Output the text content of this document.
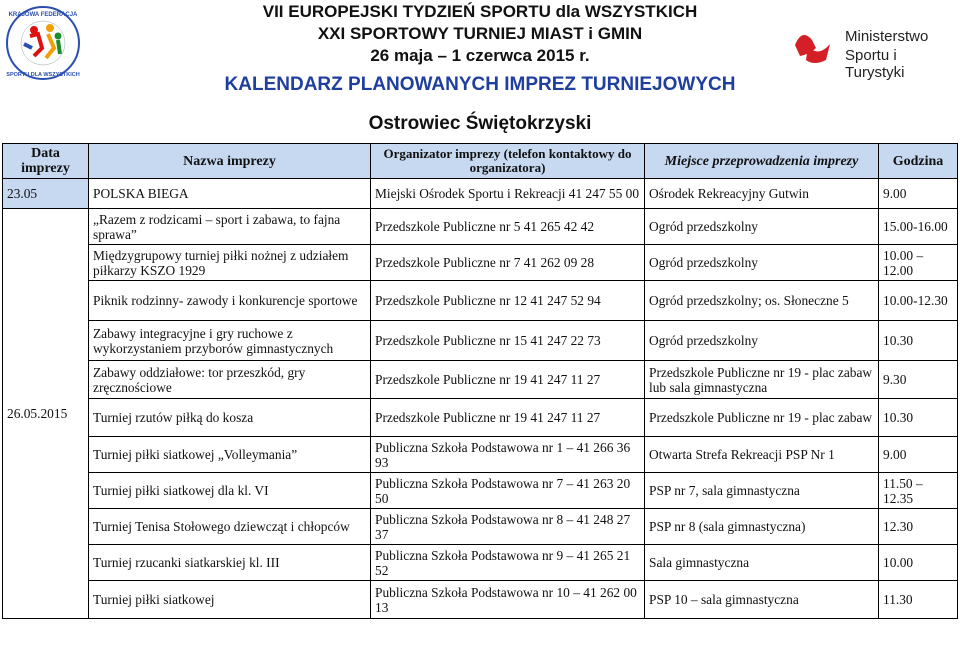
KRAJOWA FEDERACJA
SPORTU DLA WSZYSTKICH
Ministerstwo
Sportu i Turystyki
VII EUROPEJSKI TYDZIEŃ SPORTU dla WSZYSTKICH
XXI SPORTOWY TURNIEJ MIAST i GMIN
26 maja – 1 czerwca 2015 r.
KALENDARZ PLANOWANYCH IMPREZ TURNIEJOWYCH
Ostrowiec Świętokrzyski
Data imprezy	Nazwa imprezy	Organizator imprezy (telefon kontaktowy do organizatora)	Miejsce przeprowadzenia imprezy	Godzina
23.05	POLSKA BIEGA	Miejski Ośrodek Sportu i Rekreacji 41 247 55 00	Ośrodek Rekreacyjny Gutwin	9.00
26.05.2015	„Razem z rodzicami – sport i zabawa, to fajna sprawa”	Przedszkole Publiczne nr 5 41 265 42 42	Ogród przedszkolny	15.00-16.00
	Międzygrupowy turniej piłki nożnej z udziałem piłkarzy KSZO 1929	Przedszkole Publiczne nr 7 41 262 09 28	Ogród przedszkolny	10.00 – 12.00
	Piknik rodzinny- zawody i konkurencje sportowe	Przedszkole Publiczne nr 12 41 247 52 94	Ogród przedszkolny; os. Słoneczne 5	10.00-12.30
	Zabawy integracyjne i gry ruchowe z wykorzystaniem przyborów gimnastycznych	Przedszkole Publiczne nr 15 41 247 22 73	Ogród przedszkolny	10.30
	Zabawy oddziałowe: tor przeszkód, gry zręcznościowe	Przedszkole Publiczne nr 19 41 247 11 27	Przedszkole Publiczne nr 19 - plac zabaw lub sala gimnastyczna	9.30
	Turniej rzutów piłką do kosza	Przedszkole Publiczne nr 19 41 247 11 27	Przedszkole Publiczne nr 19 - plac zabaw	10.30
	Turniej piłki siatkowej „Volleymania”	Publiczna Szkoła Podstawowa nr 1 – 41 266 36 93	Otwarta Strefa Rekreacji PSP Nr 1	9.00
	Turniej piłki siatkowej dla kl. VI	Publiczna Szkoła Podstawowa nr 7 – 41 263 20 50	PSP nr 7, sala gimnastyczna	11.50 – 12.35
	Turniej Tenisa Stołowego dziewcząt i chłopców	Publiczna Szkoła Podstawowa nr 8 – 41 248 27 37	PSP nr 8 (sala gimnastyczna)	12.30
	Turniej rzucanki siatkarskiej kl. III	Publiczna Szkoła Podstawowa nr 9 – 41 265 21 52	Sala gimnastyczna	10.00
	Turniej piłki siatkowej	Publiczna Szkoła Podstawowa nr 10 – 41 262 00 13	PSP 10 – sala gimnastyczna	11.30
